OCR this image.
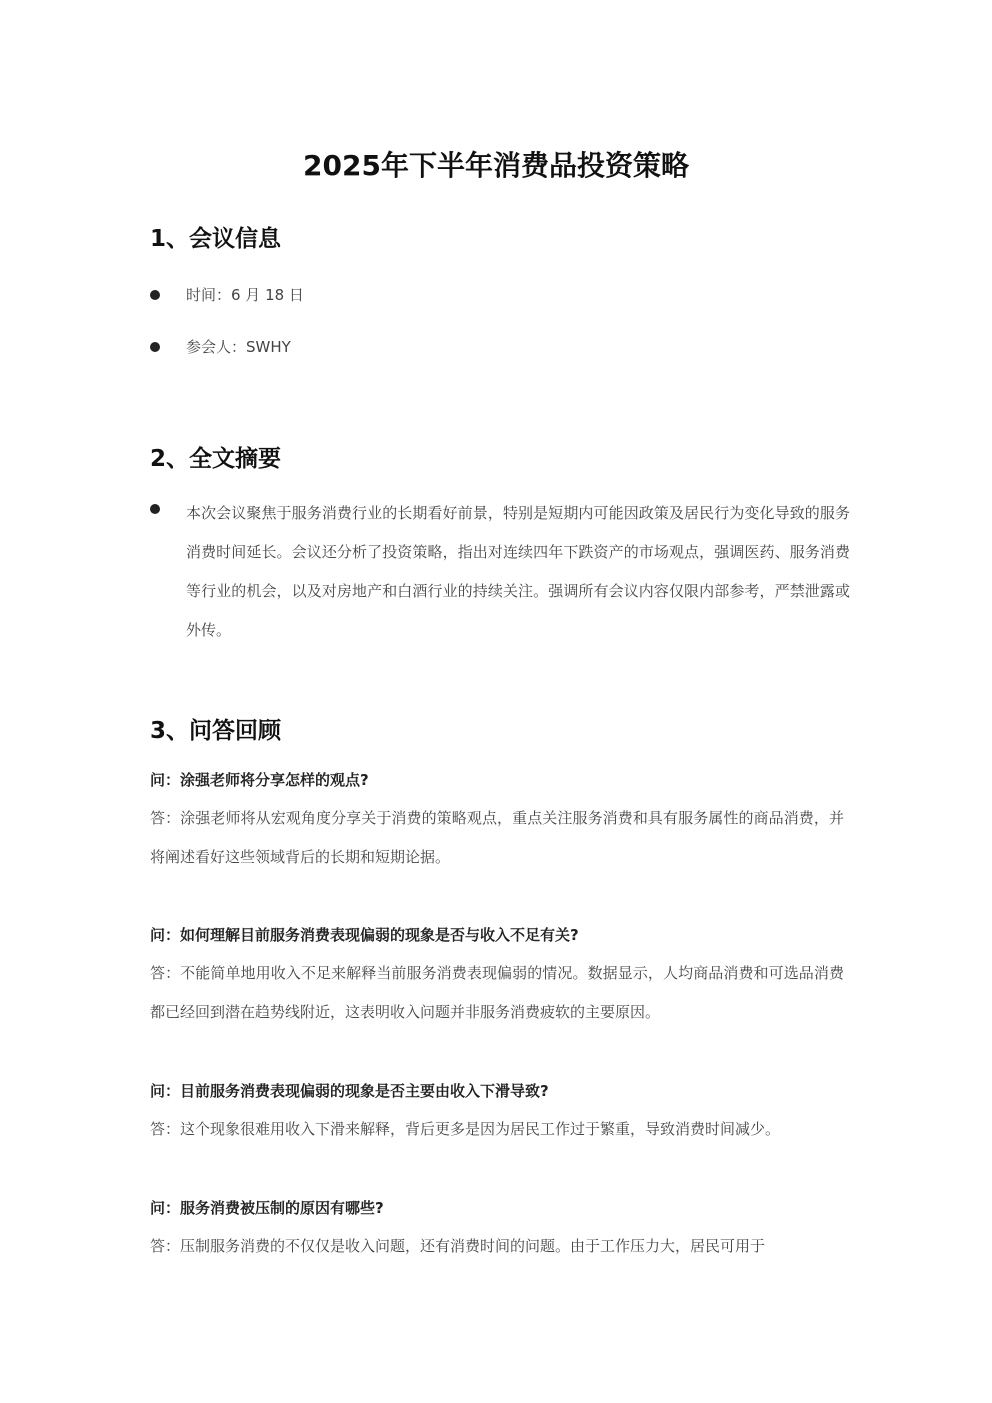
2025年下半年消费品投资策略
1、会议信息
时间：6 月 18 日
参会人：SWHY
2、全文摘要
本次会议聚焦于服务消费行业的长期看好前景，特别是短期内可能因政策及居民行为变化导致的服务消费时间延长。会议还分析了投资策略，指出对连续四年下跌资产的市场观点，强调医药、服务消费等行业的机会，以及对房地产和白酒行业的持续关注。强调所有会议内容仅限内部参考，严禁泄露或外传。
3、问答回顾
问：涂强老师将分享怎样的观点?
答：涂强老师将从宏观角度分享关于消费的策略观点，重点关注服务消费和具有服务属性的商品消费，并将阐述看好这些领域背后的长期和短期论据。
问：如何理解目前服务消费表现偏弱的现象是否与收入不足有关?
答：不能简单地用收入不足来解释当前服务消费表现偏弱的情况。数据显示，人均商品消费和可选品消费都已经回到潜在趋势线附近，这表明收入问题并非服务消费疲软的主要原因。
问：目前服务消费表现偏弱的现象是否主要由收入下滑导致?
答：这个现象很难用收入下滑来解释，背后更多是因为居民工作过于繁重，导致消费时间减少。
问：服务消费被压制的原因有哪些?
答：压制服务消费的不仅仅是收入问题，还有消费时间的问题。由于工作压力大，居民可用于
